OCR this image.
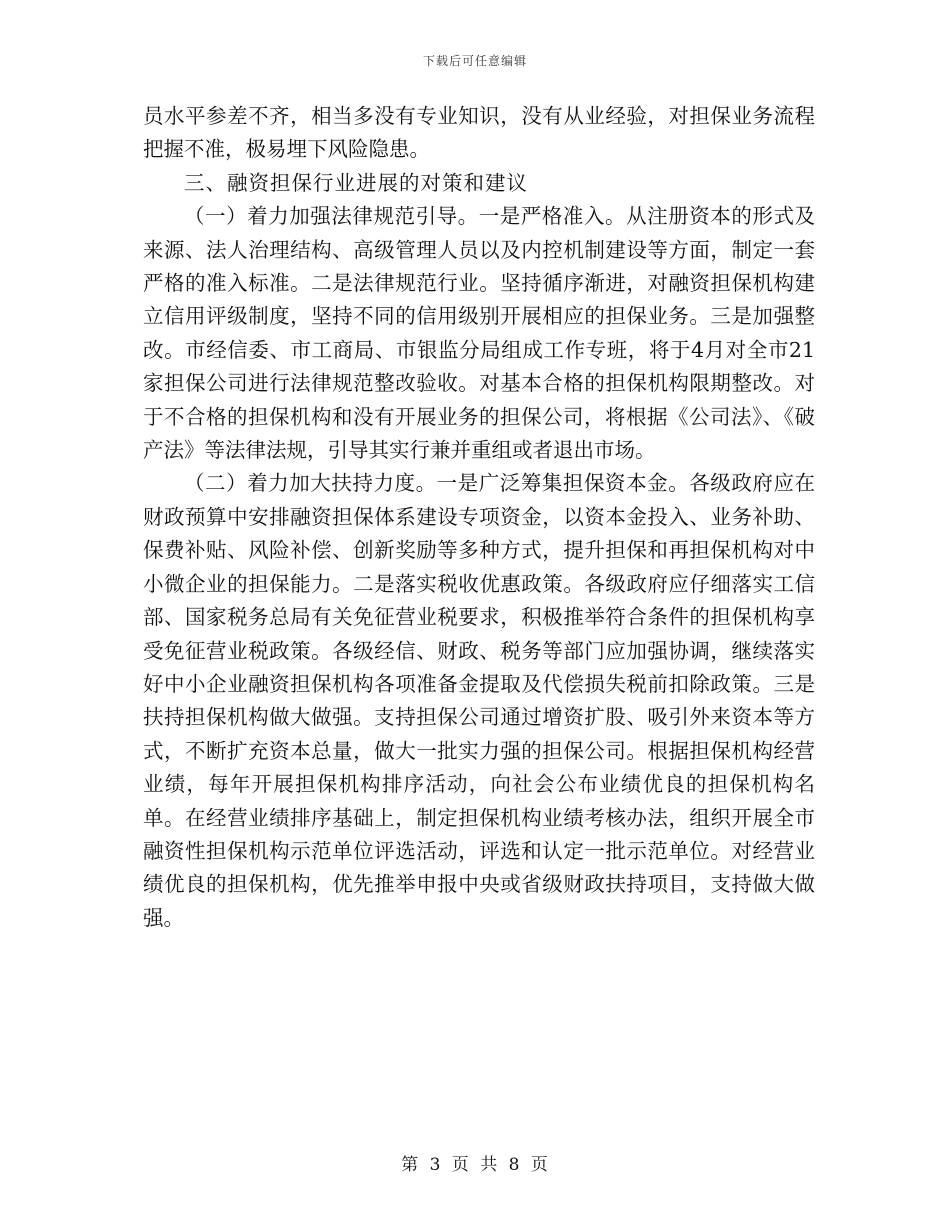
下载后可任意编辑

员水平参差不齐，相当多没有专业知识，没有从业经验，对担保业务流程把握不准，极易埋下风险隐患。

三、融资担保行业进展的对策和建议

（一）着力加强法律规范引导。一是严格准入。从注册资本的形式及来源、法人治理结构、高级管理人员以及内控机制建设等方面，制定一套严格的准入标准。二是法律规范行业。坚持循序渐进，对融资担保机构建立信用评级制度，坚持不同的信用级别开展相应的担保业务。三是加强整改。市经信委、市工商局、市银监分局组成工作专班，将于4月对全市21家担保公司进行法律规范整改验收。对基本合格的担保机构限期整改。对于不合格的担保机构和没有开展业务的担保公司，将根据《公司法》、《破产法》等法律法规，引导其实行兼并重组或者退出市场。

（二）着力加大扶持力度。一是广泛筹集担保资本金。各级政府应在财政预算中安排融资担保体系建设专项资金，以资本金投入、业务补助、保费补贴、风险补偿、创新奖励等多种方式，提升担保和再担保机构对中小微企业的担保能力。二是落实税收优惠政策。各级政府应仔细落实工信部、国家税务总局有关免征营业税要求，积极推举符合条件的担保机构享受免征营业税政策。各级经信、财政、税务等部门应加强协调，继续落实好中小企业融资担保机构各项准备金提取及代偿损失税前扣除政策。三是扶持担保机构做大做强。支持担保公司通过增资扩股、吸引外来资本等方式，不断扩充资本总量，做大一批实力强的担保公司。根据担保机构经营业绩，每年开展担保机构排序活动，向社会公布业绩优良的担保机构名单。在经营业绩排序基础上，制定担保机构业绩考核办法，组织开展全市融资性担保机构示范单位评选活动，评选和认定一批示范单位。对经营业绩优良的担保机构，优先推举申报中央或省级财政扶持项目，支持做大做强。

第 3 页 共 8 页
